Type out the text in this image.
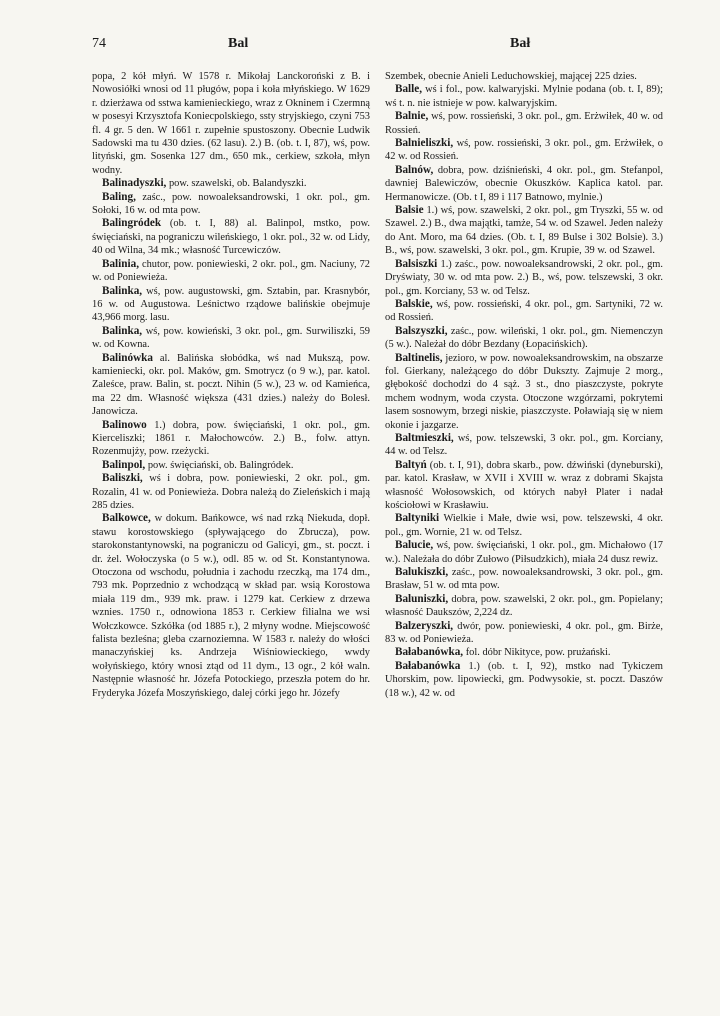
74	Bal	Bał

popa, 2 kół młyń. W 1578 r. Mikołaj Lanckoroński z B. i Nowosiółki wnosi od 11 pługów, popa i koła młyńskiego. W 1629 r. dzierżawa od sstwa kamienieckiego, wraz z Okninem i Czermną w posesyi Krzysztofa Koniecpolskiego, ssty stryjskiego, czyni 753 fl. 4 gr. 5 den. W 1661 r. zupełnie spustoszony. Obecnie Ludwik Sadowski ma tu 430 dzies. (62 lasu). 2.) B. (ob. t. I, 87), wś, pow. lityński, gm. Sosenka 127 dm., 650 mk., cerkiew, szkoła, młyn wodny.

Balinadyszki, pow. szawelski, ob. Balandyszki.

Baling, zaśc., pow. nowoaleksandrowski, 1 okr. pol., gm. Sołoki, 16 w. od mta pow.

Balingródek (ob. t. I, 88) al. Balinpol, mstko, pow. święciański, na pograniczu wileńskiego, 1 okr. pol., 32 w. od Lidy, 40 od Wilna, 34 mk.; własność Turcewiczów.

Balinia, chutor, pow. poniewieski, 2 okr. pol., gm. Naciuny, 72 w. od Poniewieża.

Balinka, wś, pow. augustowski, gm. Sztabin, par. Krasnybór, 16 w. od Augustowa. Leśnictwo rządowe balińskie obejmuje 43,966 morg. lasu.

Balinka, wś, pow. kowieński, 3 okr. pol., gm. Surwiliszki, 59 w. od Kowna.

Balinówka al. Balińska słobódka, wś nad Mukszą, pow. kamieniecki, okr. pol. Maków, gm. Smotrycz (o 9 w.), par. katol. Zaleśce, praw. Balin, st. poczt. Nihin (5 w.), 23 w. od Kamieńca, ma 22 dm. Własność większa (431 dzies.) należy do Bolesł. Janowicza.

Balinowo 1.) dobra, pow. święciański, 1 okr. pol., gm. Kierceliszki; 1861 r. Małochowców. 2.) B., folw. attyn. Rozenmujży, pow. rzeżycki.

Balinpol, pow. święciański, ob. Balingródek.

Baliszki, wś i dobra, pow. poniewieski, 2 okr. pol., gm. Rozalin, 41 w. od Poniewieża. Dobra należą do Zieleńskich i mają 285 dzies.

Balkowce, w dokum. Bańkowce, wś nad rzką Niekuda, dopł. stawu korostowskiego (spływającego do Zbrucza), pow. starokonstantynowski, na pograniczu od Galicyi, gm., st. poczt. i dr. żel. Wołoczyska (o 5 w.), odl. 85 w. od St. Konstantynowa. Otoczona od wschodu, południa i zachodu rzeczką, ma 174 dm., 793 mk. Poprzednio z wchodzącą w skład par. wsią Korostowa miała 119 dm., 939 mk. praw. i 1279 kat. Cerkiew z drzewa wznies. 1750 r., odnowiona 1853 r. Cerkiew filialna we wsi Wołczkowce. Szkółka (od 1885 r.), 2 młyny wodne. Miejscowość falista bezleśna; gleba czarnoziemna. W 1583 r. należy do włości manaczyńskiej ks. Andrzeja Wiśniowieckiego, wwdy wołyńskiego, który wnosi ztąd od 11 dym., 13 ogr., 2 kół waln. Następnie własność hr. Józefa Potockiego, przeszła potem do hr. Fryderyka Józefa Moszyńskiego, dalej córki jego hr. Józefy

Szembek, obecnie Anieli Leduchowskiej, mającej 225 dzies.

Balle, wś i fol., pow. kalwaryjski. Mylnie podana (ob. t. I, 89); wś t. n. nie istnieje w pow. kalwaryjskim.

Balnie, wś, pow. rossieński, 3 okr. pol., gm. Erżwiłek, 40 w. od Rossień.

Balnieliszki, wś, pow. rossieński, 3 okr. pol., gm. Erżwiłek, o 42 w. od Rossień.

Balnów, dobra, pow. dziśnieński, 4 okr. pol., gm. Stefanpol, dawniej Balewiczów, obecnie Okuszków. Kaplica katol. par. Hermanowicze. (Ob. t I, 89 i 117 Batnowo, mylnie.)

Balsie 1.) wś, pow. szawelski, 2 okr. pol., gm Tryszki, 55 w. od Szawel. 2.) B., dwa majątki, tamże, 54 w. od Szawel. Jeden należy do Ant. Moro, ma 64 dzies. (Ob. t. I, 89 Bulse i 302 Bolsie). 3.) B., wś, pow. szawelski, 3 okr. pol., gm. Krupie, 39 w. od Szawel.

Balsiszki 1.) zaśc., pow. nowoaleksandrowski, 2 okr. pol., gm. Dryświaty, 30 w. od mta pow. 2.) B., wś, pow. telszewski, 3 okr. pol., gm. Korciany, 53 w. od Telsz.

Balskie, wś, pow. rossieński, 4 okr. pol., gm. Sartyniki, 72 w. od Rossień.

Balszyszki, zaśc., pow. wileński, 1 okr. pol., gm. Niemenczyn (5 w.). Należał do dóbr Bezdany (Łopacińskich).

Baltinelis, jezioro, w pow. nowoaleksandrowskim, na obszarze fol. Gierkany, należącego do dóbr Duksztу. Zajmuje 2 morg., głębokość dochodzi do 4 sąż. 3 st., dno piaszczyste, pokryte mchem wodnym, woda czysta. Otoczone wzgórzami, pokrytemi lasem sosnowym, brzegi niskie, piaszczyste. Poławiają się w niem okonie i jazgarze.

Baltmieszki, wś, pow. telszewski, 3 okr. pol., gm. Korciany, 44 w. od Telsz.

Baltyń (ob. t. I, 91), dobra skarb., pow. dźwiński (dyneburski), par. katol. Krasław, w XVII i XVIII w. wraz z dobrami Skajsta własność Wołosowskich, od których nabył Plater i nadał kościołowi w Krasławiu.

Baltyniki Wielkie i Małe, dwie wsi, pow. telszewski, 4 okr. pol., gm. Wornie, 21 w. od Telsz.

Balucie, wś, pow. święciański, 1 okr. pol., gm. Michałowo (17 w.). Należała do dóbr Zułowo (Piłsudzkich), miała 24 dusz rewiz.

Balukiszki, zaśc., pow. nowoaleksandrowski, 3 okr. pol., gm. Brasław, 51 w. od mta pow.

Baluniszki, dobra, pow. szawelski, 2 okr. pol., gm. Popielany; własność Daukszów, 2,224 dz.

Balzeryszki, dwór, pow. poniewieski, 4 okr. pol., gm. Birże, 83 w. od Poniewieża.

Bałabanówka, fol. dóbr Nikityce, pow. prużański.

Bałabanówka 1.) (ob. t. I, 92), mstko nad Tykiczem Uhorskim, pow. lipowiecki, gm. Podwysokie, st. poczt. Daszów (18 w.), 42 w. od
